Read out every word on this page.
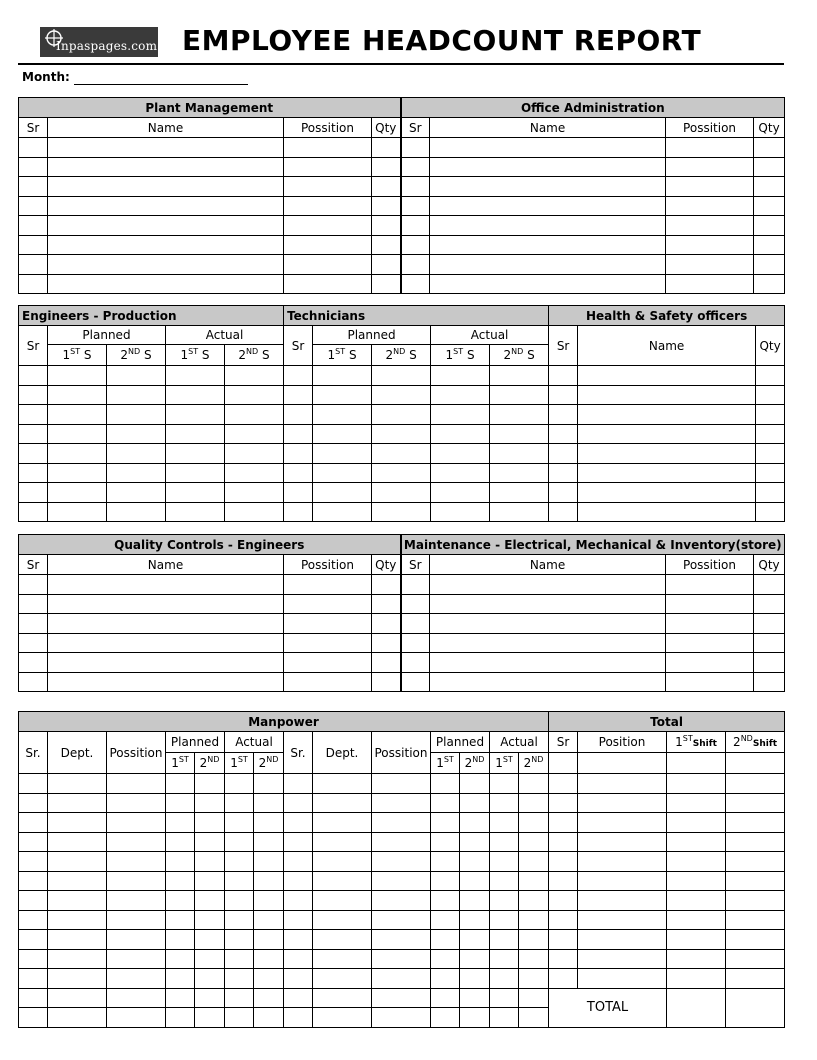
Inpaspages.com EMPLOYEE HEADCOUNT REPORT
Month:
Plant Management				Office Administration			
Sr	Name	Possition	Qty	Sr	Name	Possition	Qty

Engineers - Production					Technicians					Health & Safety officers		
Sr	Planned		Actual		Sr	Planned		Actual		Sr	Name	Qty
	1ST S	2ND S	1ST S	2ND S		1ST S	2ND S	1ST S	2ND S			

Quality Controls - Engineers				Maintenance - Electrical, Mechanical & Inventory(store)			
Sr	Name	Possition	Qty	Sr	Name	Possition	Qty

Manpower														Total			
Sr.	Dept.	Possition	Planned		Actual		Sr.	Dept.	Possition	Planned		Actual		Sr	Position	1STShift	2NDShift
			1ST	2ND	1ST	2ND				1ST	2ND	1ST	2ND				

														TOTAL			
